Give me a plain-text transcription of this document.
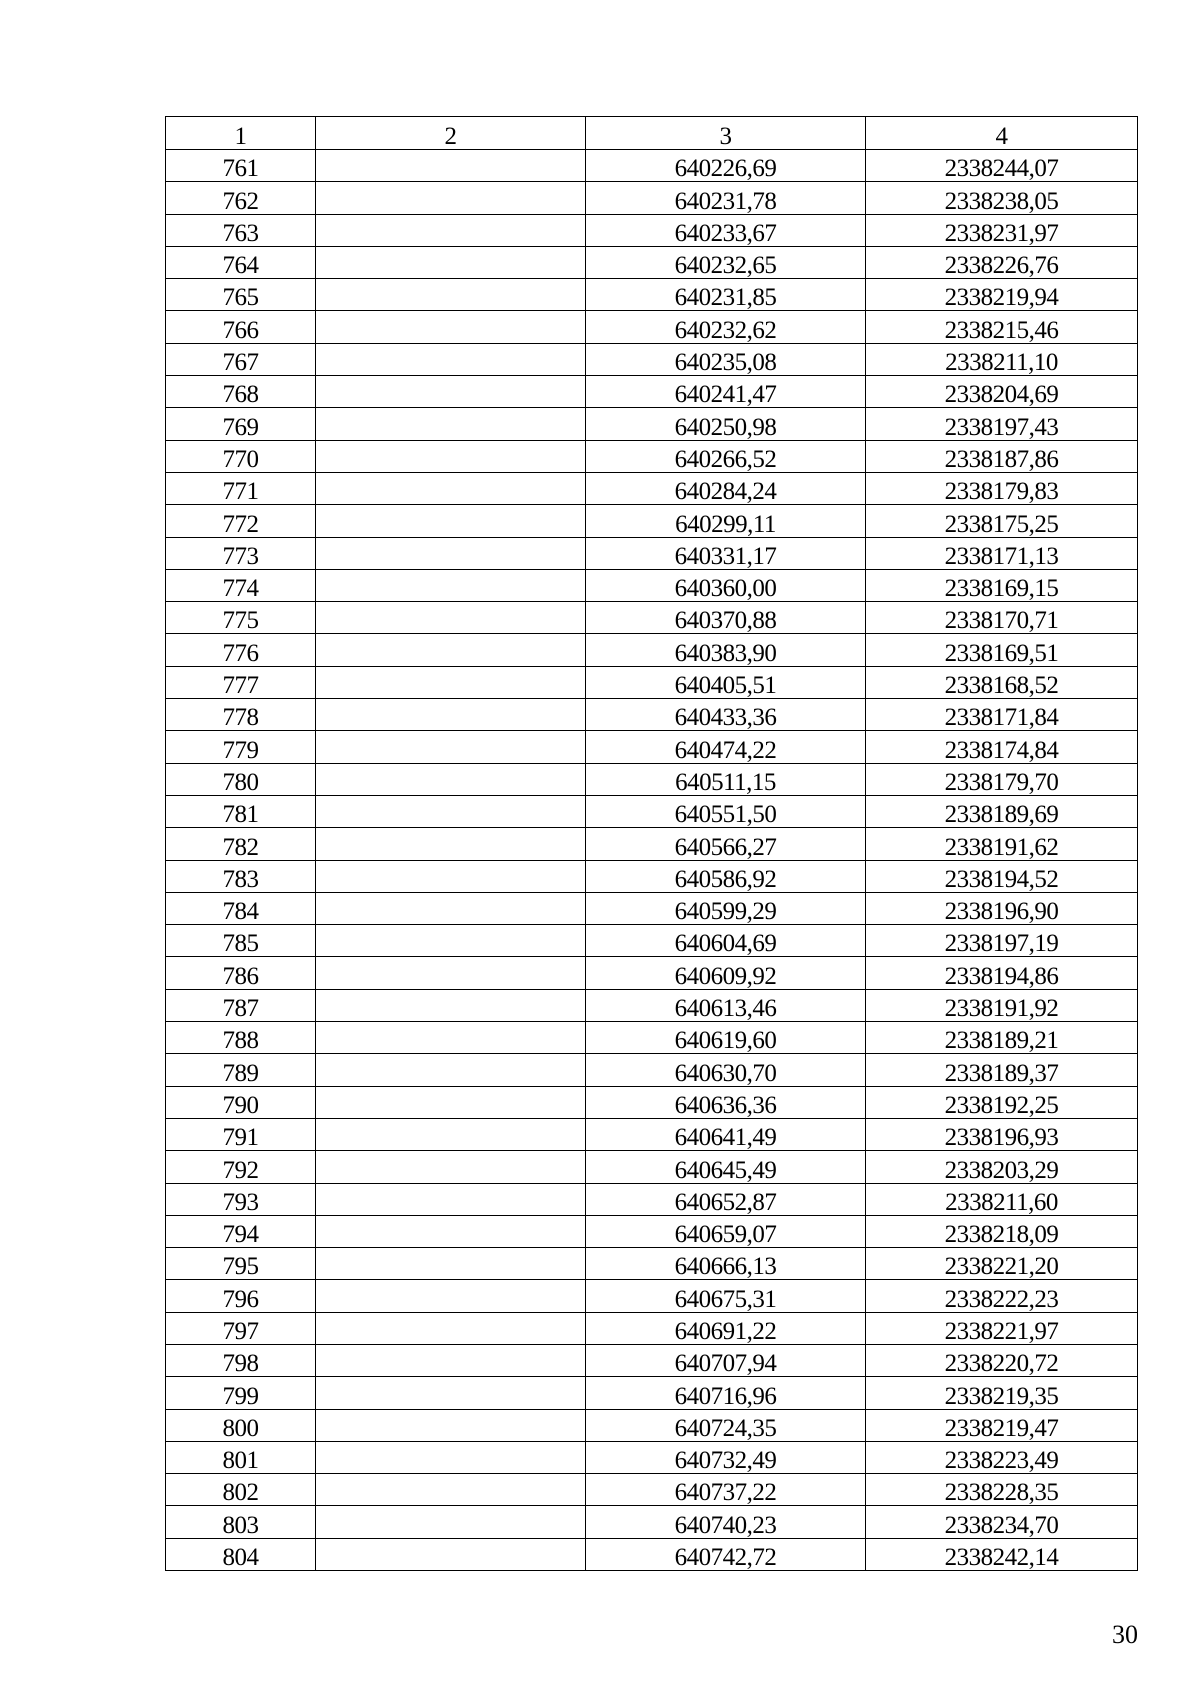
1	2	3	4
761		640226,69	2338244,07
762		640231,78	2338238,05
763		640233,67	2338231,97
764		640232,65	2338226,76
765		640231,85	2338219,94
766		640232,62	2338215,46
767		640235,08	2338211,10
768		640241,47	2338204,69
769		640250,98	2338197,43
770		640266,52	2338187,86
771		640284,24	2338179,83
772		640299,11	2338175,25
773		640331,17	2338171,13
774		640360,00	2338169,15
775		640370,88	2338170,71
776		640383,90	2338169,51
777		640405,51	2338168,52
778		640433,36	2338171,84
779		640474,22	2338174,84
780		640511,15	2338179,70
781		640551,50	2338189,69
782		640566,27	2338191,62
783		640586,92	2338194,52
784		640599,29	2338196,90
785		640604,69	2338197,19
786		640609,92	2338194,86
787		640613,46	2338191,92
788		640619,60	2338189,21
789		640630,70	2338189,37
790		640636,36	2338192,25
791		640641,49	2338196,93
792		640645,49	2338203,29
793		640652,87	2338211,60
794		640659,07	2338218,09
795		640666,13	2338221,20
796		640675,31	2338222,23
797		640691,22	2338221,97
798		640707,94	2338220,72
799		640716,96	2338219,35
800		640724,35	2338219,47
801		640732,49	2338223,49
802		640737,22	2338228,35
803		640740,23	2338234,70
804		640742,72	2338242,14
30
